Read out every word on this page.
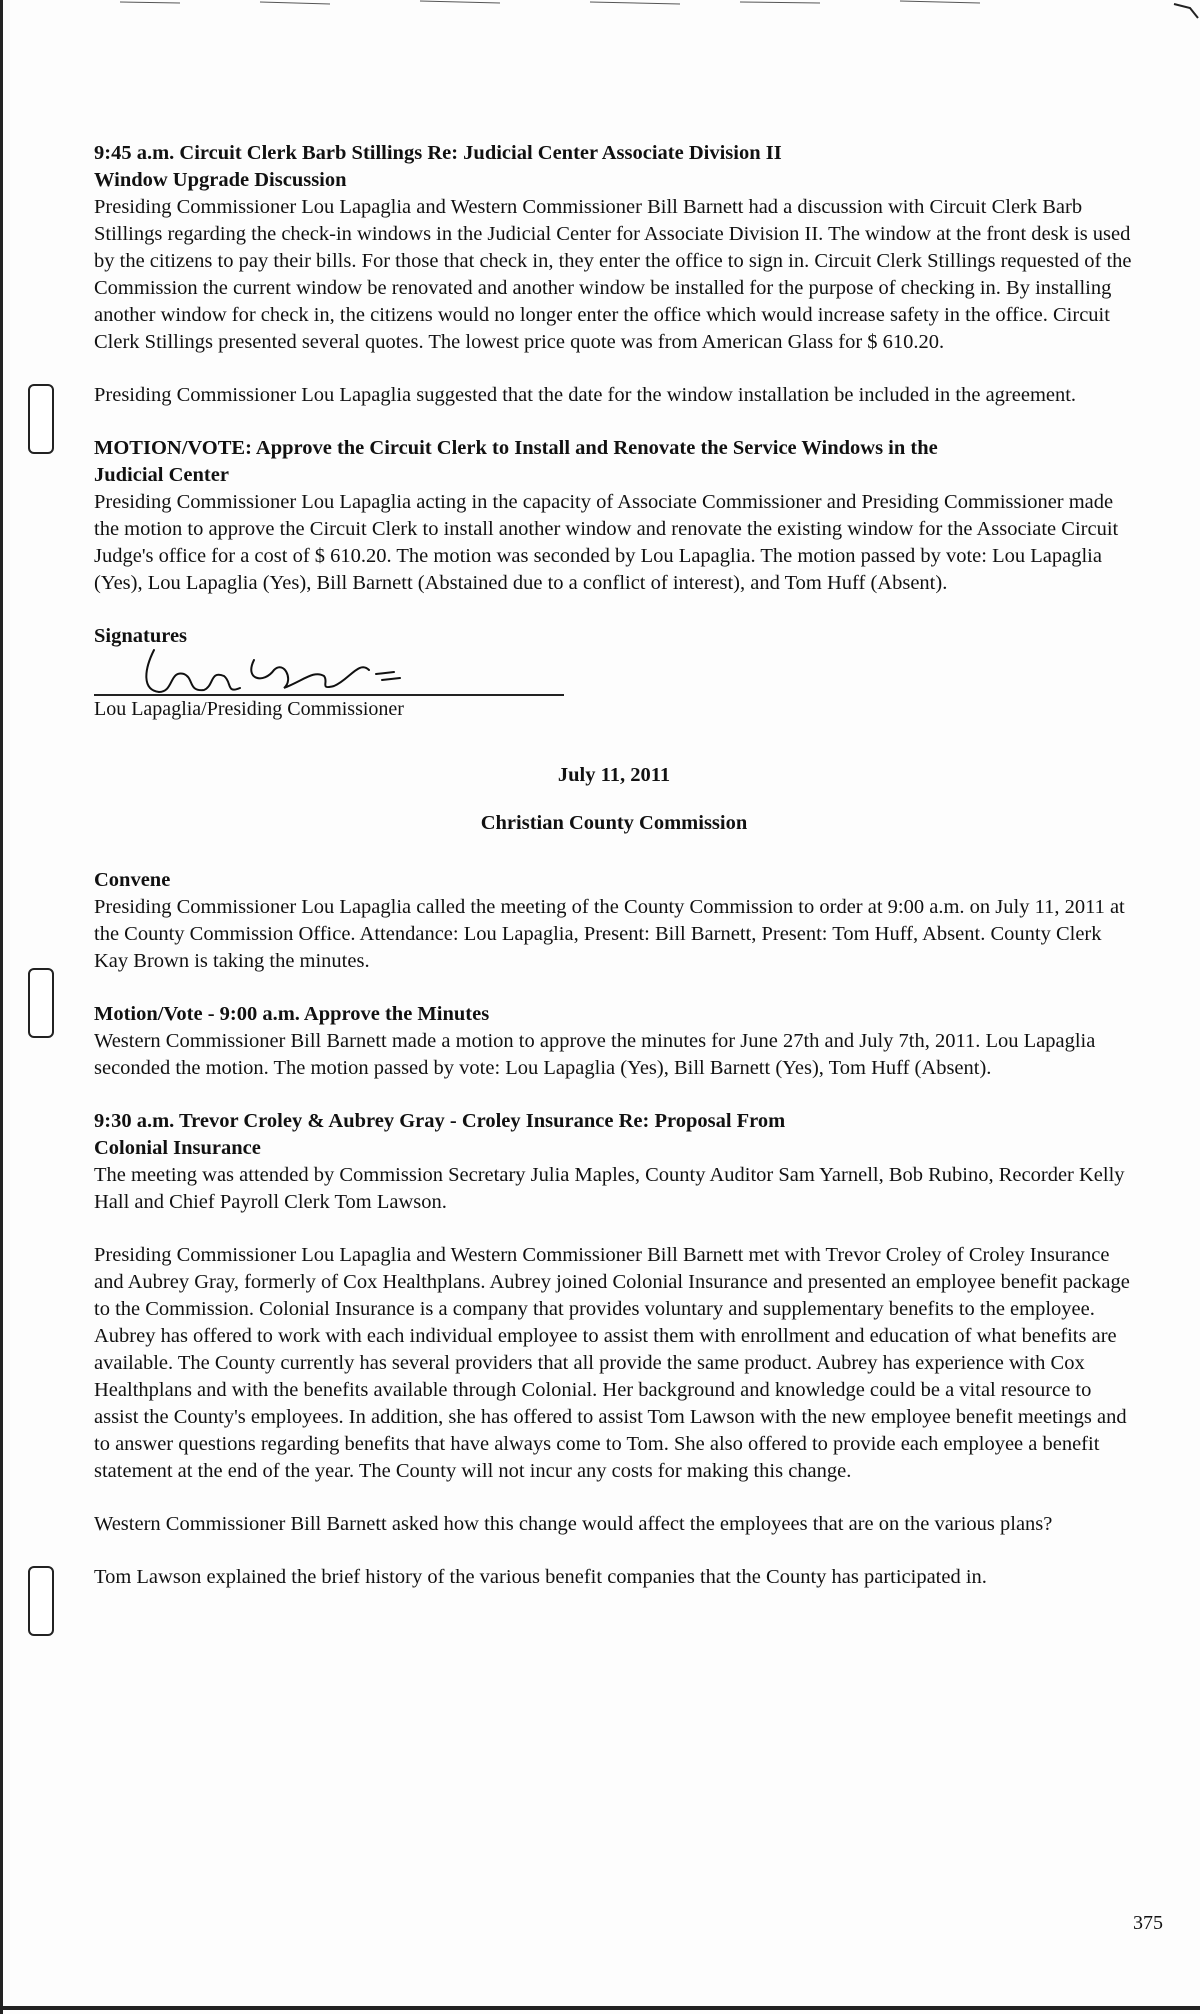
9:45 a.m. Circuit Clerk Barb Stillings Re: Judicial Center Associate Division II

Window Upgrade Discussion

Presiding Commissioner Lou Lapaglia and Western Commissioner Bill Barnett had a discussion with Circuit Clerk Barb Stillings regarding the check-in windows in the Judicial Center for Associate Division II. The window at the front desk is used by the citizens to pay their bills. For those that check in, they enter the office to sign in. Circuit Clerk Stillings requested of the Commission the current window be renovated and another window be installed for the purpose of checking in. By installing another window for check in, the citizens would no longer enter the office which would increase safety in the office. Circuit Clerk Stillings presented several quotes. The lowest price quote was from American Glass for $ 610.20.

Presiding Commissioner Lou Lapaglia suggested that the date for the window installation be included in the agreement.

MOTION/VOTE: Approve the Circuit Clerk to Install and Renovate the Service Windows in the

Judicial Center

Presiding Commissioner Lou Lapaglia acting in the capacity of Associate Commissioner and Presiding Commissioner made the motion to approve the Circuit Clerk to install another window and renovate the existing window for the Associate Circuit Judge's office for a cost of $ 610.20. The motion was seconded by Lou Lapaglia. The motion passed by vote: Lou Lapaglia (Yes), Lou Lapaglia (Yes), Bill Barnett (Abstained due to a conflict of interest), and Tom Huff (Absent).

Signatures

Lou Lapaglia/Presiding Commissioner

July 11, 2011

Christian County Commission

Convene

Presiding Commissioner Lou Lapaglia called the meeting of the County Commission to order at 9:00 a.m. on July 11, 2011 at the County Commission Office. Attendance: Lou Lapaglia, Present: Bill Barnett, Present: Tom Huff, Absent. County Clerk Kay Brown is taking the minutes.

Motion/Vote - 9:00 a.m. Approve the Minutes

Western Commissioner Bill Barnett made a motion to approve the minutes for June 27th and July 7th, 2011. Lou Lapaglia seconded the motion. The motion passed by vote: Lou Lapaglia (Yes), Bill Barnett (Yes), Tom Huff (Absent).

9:30 a.m. Trevor Croley & Aubrey Gray - Croley Insurance Re: Proposal From

Colonial Insurance

The meeting was attended by Commission Secretary Julia Maples, County Auditor Sam Yarnell, Bob Rubino, Recorder Kelly Hall and Chief Payroll Clerk Tom Lawson.

Presiding Commissioner Lou Lapaglia and Western Commissioner Bill Barnett met with Trevor Croley of Croley Insurance and Aubrey Gray, formerly of Cox Healthplans. Aubrey joined Colonial Insurance and presented an employee benefit package to the Commission. Colonial Insurance is a company that provides voluntary and supplementary benefits to the employee. Aubrey has offered to work with each individual employee to assist them with enrollment and education of what benefits are available. The County currently has several providers that all provide the same product. Aubrey has experience with Cox Healthplans and with the benefits available through Colonial. Her background and knowledge could be a vital resource to assist the County's employees. In addition, she has offered to assist Tom Lawson with the new employee benefit meetings and to answer questions regarding benefits that have always come to Tom. She also offered to provide each employee a benefit statement at the end of the year. The County will not incur any costs for making this change.

Western Commissioner Bill Barnett asked how this change would affect the employees that are on the various plans?

Tom Lawson explained the brief history of the various benefit companies that the County has participated in.

375
